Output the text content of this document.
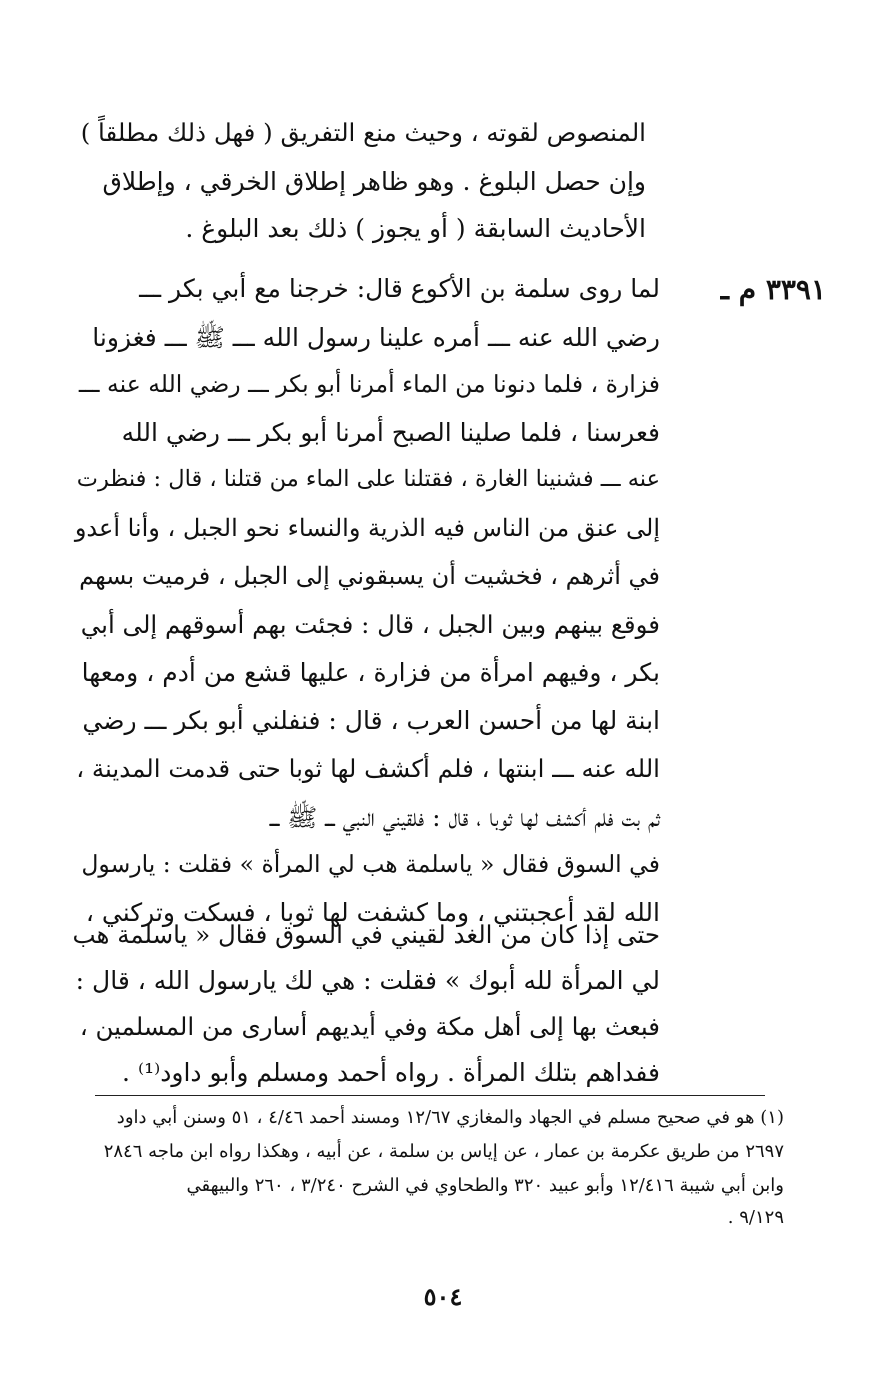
المنصوص لقوته ، وحيث منع التفريق ( فهل ذلك مطلقاً )
وإن حصل البلوغ . وهو ظاهر إطلاق الخرقي ، وإطلاق
الأحاديث السابقة ( أو يجوز ) ذلك بعد البلوغ .
٣٣٩١ م ـ
لما روى سلمة بن الأكوع قال: خرجنا مع أبي بكر ـــ
رضي الله عنه ـــ أمره علينا رسول الله ـــ ﷺ ـــ فغزونا
فزارة ، فلما دنونا من الماء أمرنا أبو بكر ـــ رضي الله عنه ـــ
فعرسنا ، فلما صلينا الصبح أمرنا أبو بكر ـــ رضي الله
عنه ـــ فشنينا الغارة ، فقتلنا على الماء من قتلنا ، قال : فنظرت
إلى عنق من الناس فيه الذرية والنساء نحو الجبل ، وأنا أعدو
في أثرهم ، فخشيت أن يسبقوني إلى الجبل ، فرميت بسهم
فوقع بينهم وبين الجبل ، قال : فجئت بهم أسوقهم إلى أبي
بكر ، وفيهم امرأة من فزارة ، عليها قشع من أدم ، ومعها
ابنة لها من أحسن العرب ، قال : فنفلني أبو بكر ـــ رضي
الله عنه ـــ ابنتها ، فلم أكشف لها ثوبا حتى قدمت المدينة ،
ثم بت فلم أكشف لها ثوبا ، قال : فلقيني النبي ـــ ﷺ ـــ
في السوق فقال « ياسلمة هب لي المرأة » فقلت : يارسول
الله لقد أعجبتني ، وما كشفت لها ثوبا ، فسكت وتركني ،
حتى إذا كان من الغد لقيني في السوق فقال « ياسلمة هب
لي المرأة لله أبوك » فقلت : هي لك يارسول الله ، قال :
فبعث بها إلى أهل مكة وفي أيديهم أسارى من المسلمين ،
ففداهم بتلك المرأة . رواه أحمد ومسلم وأبو داود⁽¹⁾ .
(١) هو في صحيح مسلم في الجهاد والمغازي ١٢/٦٧ ومسند أحمد ٤/٤٦ ، ٥١ وسنن أبي داود
٢٦٩٧ من طريق عكرمة بن عمار ، عن إياس بن سلمة ، عن أبيه ، وهكذا رواه ابن ماجه ٢٨٤٦
وابن أبي شيبة ١٢/٤١٦ وأبو عبيد ٣٢٠ والطحاوي في الشرح ٣/٢٤٠ ، ٢٦٠ والبيهقي
٩/١٢٩ .
٥٠٤
